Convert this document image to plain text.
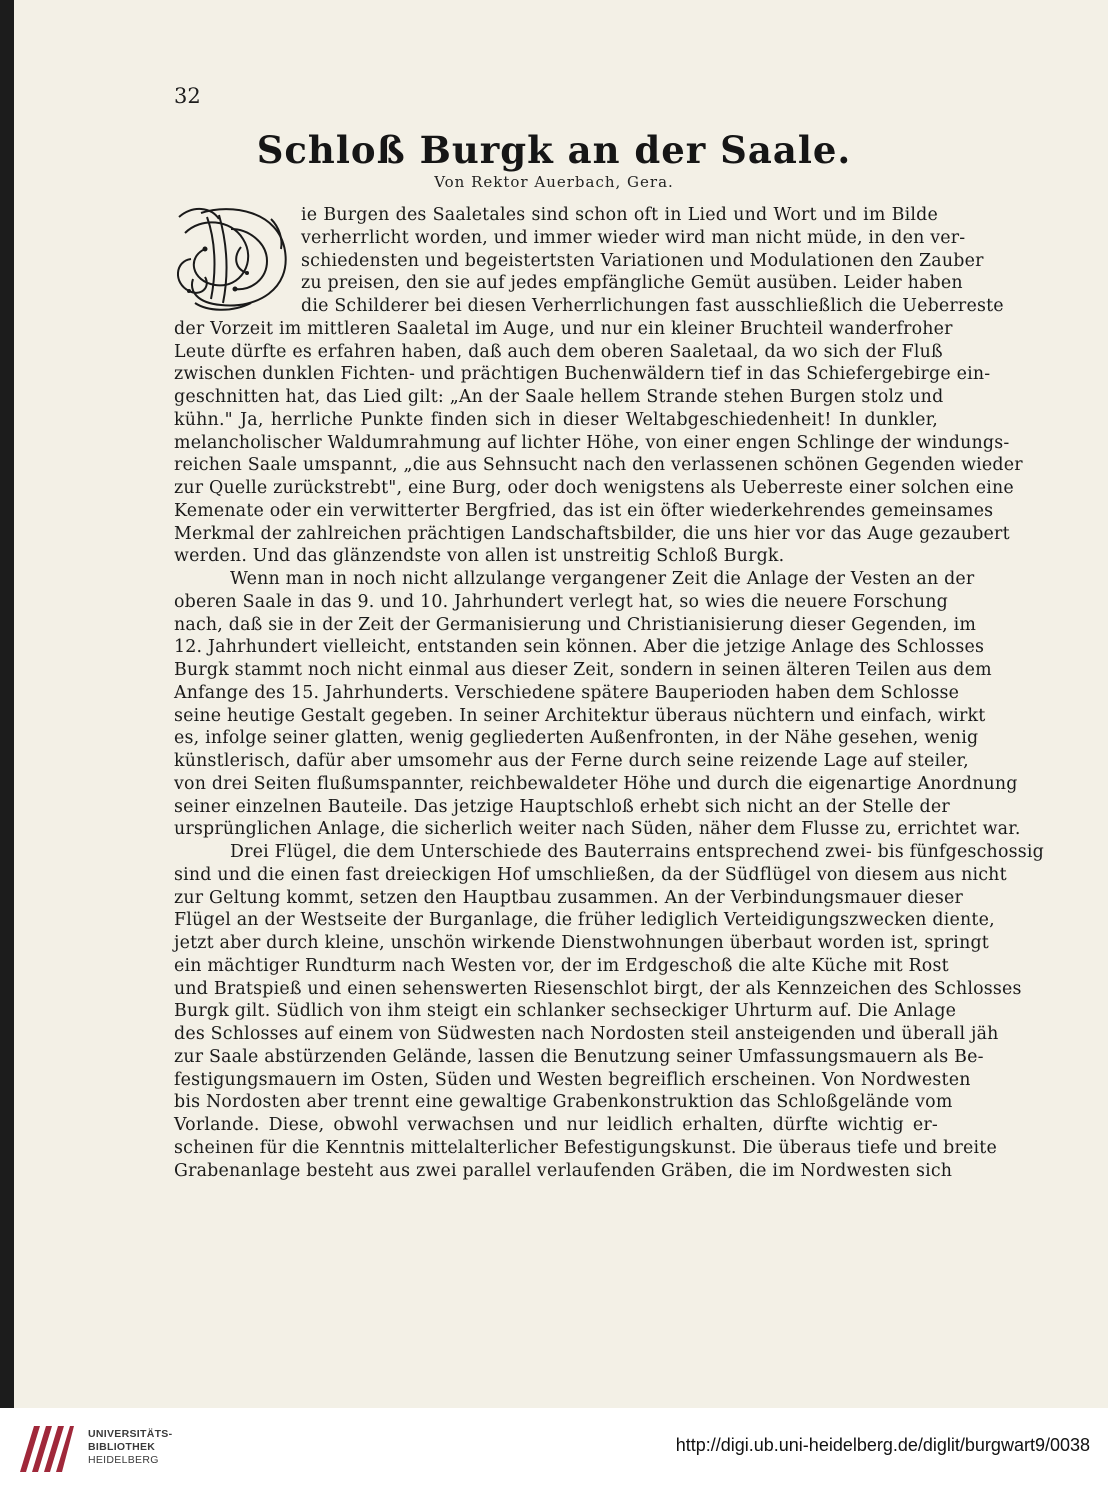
32
Schloß Burgk an der Saale.
Von Rektor Auerbach, Gera.
ie Burgen des Saaletales sind schon oft in Lied und Wort und im Bilde
verherrlicht worden, und immer wieder wird man nicht müde, in den ver-
schiedensten und begeistertsten Variationen und Modulationen den Zauber
zu preisen, den sie auf jedes empfängliche Gemüt ausüben. Leider haben
die Schilderer bei diesen Verherrlichungen fast ausschließlich die Ueberreste
der Vorzeit im mittleren Saaletal im Auge, und nur ein kleiner Bruchteil wanderfroher
Leute dürfte es erfahren haben, daß auch dem oberen Saaletaal, da wo sich der Fluß
zwischen dunklen Fichten- und prächtigen Buchenwäldern tief in das Schiefergebirge ein-
geschnitten hat, das Lied gilt: „An der Saale hellem Strande stehen Burgen stolz und
kühn." Ja, herrliche Punkte finden sich in dieser Weltabgeschiedenheit! In dunkler,
melancholischer Waldumrahmung auf lichter Höhe, von einer engen Schlinge der windungs-
reichen Saale umspannt, „die aus Sehnsucht nach den verlassenen schönen Gegenden wieder
zur Quelle zurückstrebt", eine Burg, oder doch wenigstens als Ueberreste einer solchen eine
Kemenate oder ein verwitterter Bergfried, das ist ein öfter wiederkehrendes gemeinsames
Merkmal der zahlreichen prächtigen Landschaftsbilder, die uns hier vor das Auge gezaubert
werden. Und das glänzendste von allen ist unstreitig Schloß Burgk.
Wenn man in noch nicht allzulange vergangener Zeit die Anlage der Vesten an der
oberen Saale in das 9. und 10. Jahrhundert verlegt hat, so wies die neuere Forschung
nach, daß sie in der Zeit der Germanisierung und Christianisierung dieser Gegenden, im
12. Jahrhundert vielleicht, entstanden sein können. Aber die jetzige Anlage des Schlosses
Burgk stammt noch nicht einmal aus dieser Zeit, sondern in seinen älteren Teilen aus dem
Anfange des 15. Jahrhunderts. Verschiedene spätere Bauperioden haben dem Schlosse
seine heutige Gestalt gegeben. In seiner Architektur überaus nüchtern und einfach, wirkt
es, infolge seiner glatten, wenig gegliederten Außenfronten, in der Nähe gesehen, wenig
künstlerisch, dafür aber umsomehr aus der Ferne durch seine reizende Lage auf steiler,
von drei Seiten flußumspannter, reichbewaldeter Höhe und durch die eigenartige Anordnung
seiner einzelnen Bauteile. Das jetzige Hauptschloß erhebt sich nicht an der Stelle der
ursprünglichen Anlage, die sicherlich weiter nach Süden, näher dem Flusse zu, errichtet war.
Drei Flügel, die dem Unterschiede des Bauterrains entsprechend zwei- bis fünfgeschossig
sind und die einen fast dreieckigen Hof umschließen, da der Südflügel von diesem aus nicht
zur Geltung kommt, setzen den Hauptbau zusammen. An der Verbindungsmauer dieser
Flügel an der Westseite der Burganlage, die früher lediglich Verteidigungszwecken diente,
jetzt aber durch kleine, unschön wirkende Dienstwohnungen überbaut worden ist, springt
ein mächtiger Rundturm nach Westen vor, der im Erdgeschoß die alte Küche mit Rost
und Bratspieß und einen sehenswerten Riesenschlot birgt, der als Kennzeichen des Schlosses
Burgk gilt. Südlich von ihm steigt ein schlanker sechseckiger Uhrturm auf. Die Anlage
des Schlosses auf einem von Südwesten nach Nordosten steil ansteigenden und überall jäh
zur Saale abstürzenden Gelände, lassen die Benutzung seiner Umfassungsmauern als Be-
festigungsmauern im Osten, Süden und Westen begreiflich erscheinen. Von Nordwesten
bis Nordosten aber trennt eine gewaltige Grabenkonstruktion das Schloßgelände vom
Vorlande. Diese, obwohl verwachsen und nur leidlich erhalten, dürfte wichtig er-
scheinen für die Kenntnis mittelalterlicher Befestigungskunst. Die überaus tiefe und breite
Grabenanlage besteht aus zwei parallel verlaufenden Gräben, die im Nordwesten sich
UNIVERSITÄTS-
BIBLIOTHEK
HEIDELBERG
http://digi.ub.uni-heidelberg.de/diglit/burgwart9/0038
